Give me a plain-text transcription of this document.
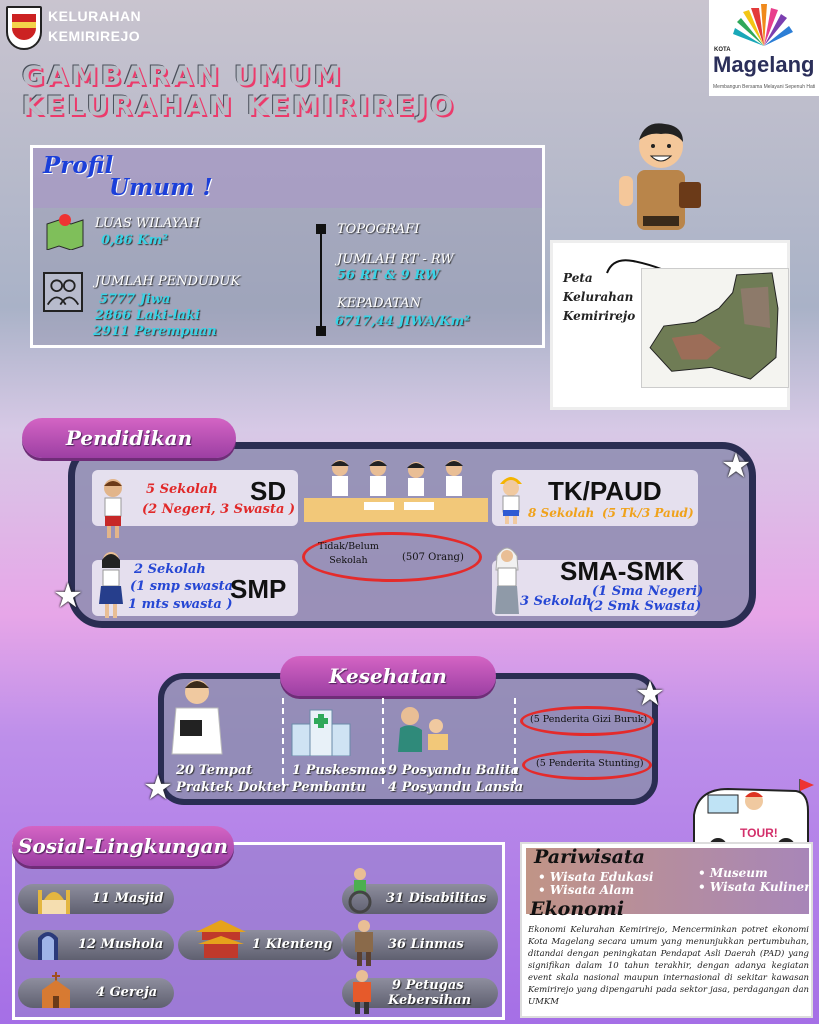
KELURAHAN
KEMIRIREJO
GAMBARAN UMUM
KELURAHAN KEMIRIREJO
KOTA
Magelang
Membangun Bersama Melayani Sepenuh Hati
Profil
Umum !
LUAS WILAYAH
0,86 Km²
JUMLAH PENDUDUK
5777 Jiwa
2866 Laki-laki
2911 Perempuan
TOPOGRAFI
JUMLAH RT - RW
56 RT & 9 RW
KEPADATAN
6717,44 JIWA/Km²
Peta
Kelurahan
Kemirirejo
Pendidikan
★
★
5 Sekolah
(2 Negeri, 3 Swasta )
SD	TK/PAUD
8 Sekolah (5 Tk/3 Paud)
Tidak/Belum
Sekolah	(507 Orang)
2 Sekolah
(1 smp swasta
1 mts swasta )
SMP
SMA-SMK
3 Sekolah
(1 Sma Negeri)
(2 Smk Swasta)
Kesehatan	★
★ 20 Tempat
Praktek Dokter
1 Puskesmas
Pembantu
9 Posyandu Balita
4 Posyandu Lansia
(5 Penderita Gizi Buruk)
(5 Penderita Stunting)
TOUR!
Sosial-Lingkungan
11 Masjid
12 Mushola
4 Gereja
1 Klenteng
31 Disabilitas
36 Linmas
9 Petugas
Kebersihan
Pariwisata
• Wisata Edukasi
• Wisata Alam
• Museum
• Wisata Kuliner
Ekonomi
Ekonomi Kelurahan Kemirirejo, Mencerminkan potret ekonomi Kota Magelang secara umum yang menunjukkan pertumbuhan, ditandai dengan peningkatan Pendapat Asli Daerah (PAD) yang signifikan dalam 10 tahun terakhir, dengan adanya kegiatan event skala nasional maupun internasional di sekitar kawasan Kemirirejo yang dipengaruhi pada sektor jasa, perdagangan dan UMKM
